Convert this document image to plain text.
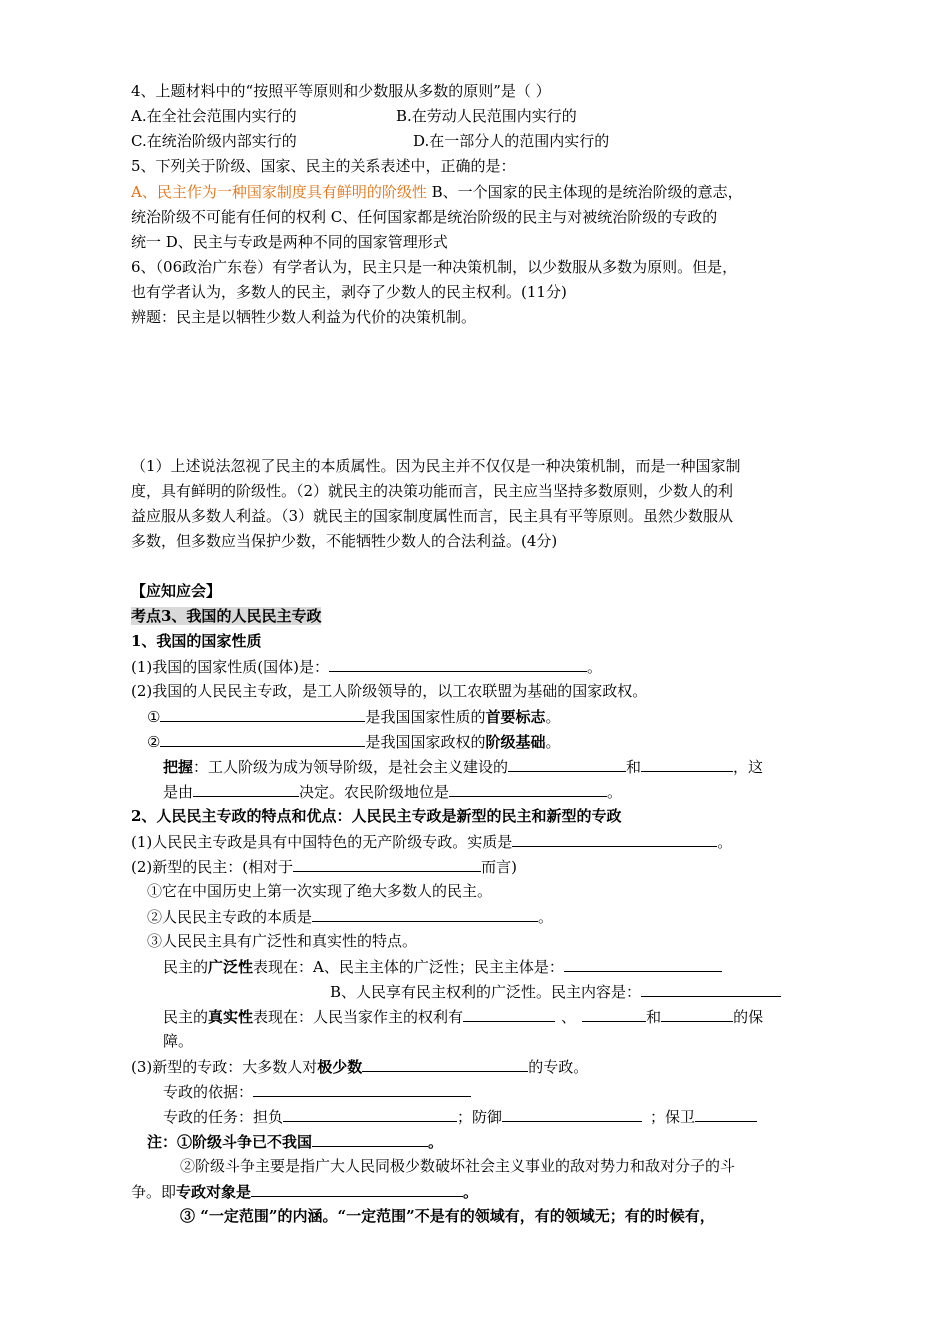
4、上题材料中的“按照平等原则和少数服从多数的原则”是（ ）
A.在全社会范围内实行的	B.在劳动人民范围内实行的
C.在统治阶级内部实行的	D.在一部分人的范围内实行的
5、下列关于阶级、国家、民主的关系表述中，正确的是：
A、民主作为一种国家制度具有鲜明的阶级性 B、一个国家的民主体现的是统治阶级的意志，
统治阶级不可能有任何的权利 C、任何国家都是统治阶级的民主与对被统治阶级的专政的
统一 D、民主与专政是两种不同的国家管理形式
6、（06政治广东卷）有学者认为，民主只是一种决策机制，以少数服从多数为原则。但是，
也有学者认为，多数人的民主，剥夺了少数人的民主权利。(11分)
辨题：民主是以牺牲少数人利益为代价的决策机制。
（1）上述说法忽视了民主的本质属性。因为民主并不仅仅是一种决策机制，而是一种国家制
度，具有鲜明的阶级性。（2）就民主的决策功能而言，民主应当坚持多数原则，少数人的利
益应服从多数人利益。（3）就民主的国家制度属性而言，民主具有平等原则。虽然少数服从
多数，但多数应当保护少数，不能牺牲少数人的合法利益。(4分)
【应知应会】
考点3、我国的人民民主专政
1、我国的国家性质
(1)我国的国家性质(国体)是：	。
(2)我国的人民民主专政，是工人阶级领导的，以工农联盟为基础的国家政权。
①	是我国国家性质的首要标志。
②	是我国国家政权的阶级基础。
把握：工人阶级为成为领导阶级，是社会主义建设的	和	，这
是由	决定。农民阶级地位是	。
2、人民民主专政的特点和优点：人民民主专政是新型的民主和新型的专政
(1)人民民主专政是具有中国特色的无产阶级专政。实质是	。
(2)新型的民主：(相对于	而言)
①它在中国历史上第一次实现了绝大多数人的民主。
②人民民主专政的本质是	。
③人民民主具有广泛性和真实性的特点。
民主的广泛性表现在：A、民主主体的广泛性；民主主体是：
B、人民享有民主权利的广泛性。民主内容是：
民主的真实性表现在：人民当家作主的权利有	、	和	的保
障。
(3)新型的专政：大多数人对极少数	的专政。
专政的依据：
专政的任务：担负	；防御	；保卫
注：①阶级斗争已不我国	。
②阶级斗争主要是指广大人民同极少数破坏社会主义事业的敌对势力和敌对分子的斗
争。即专政对象是	。
③ “一定范围”的内涵。“一定范围”不是有的领域有，有的领域无；有的时候有，
